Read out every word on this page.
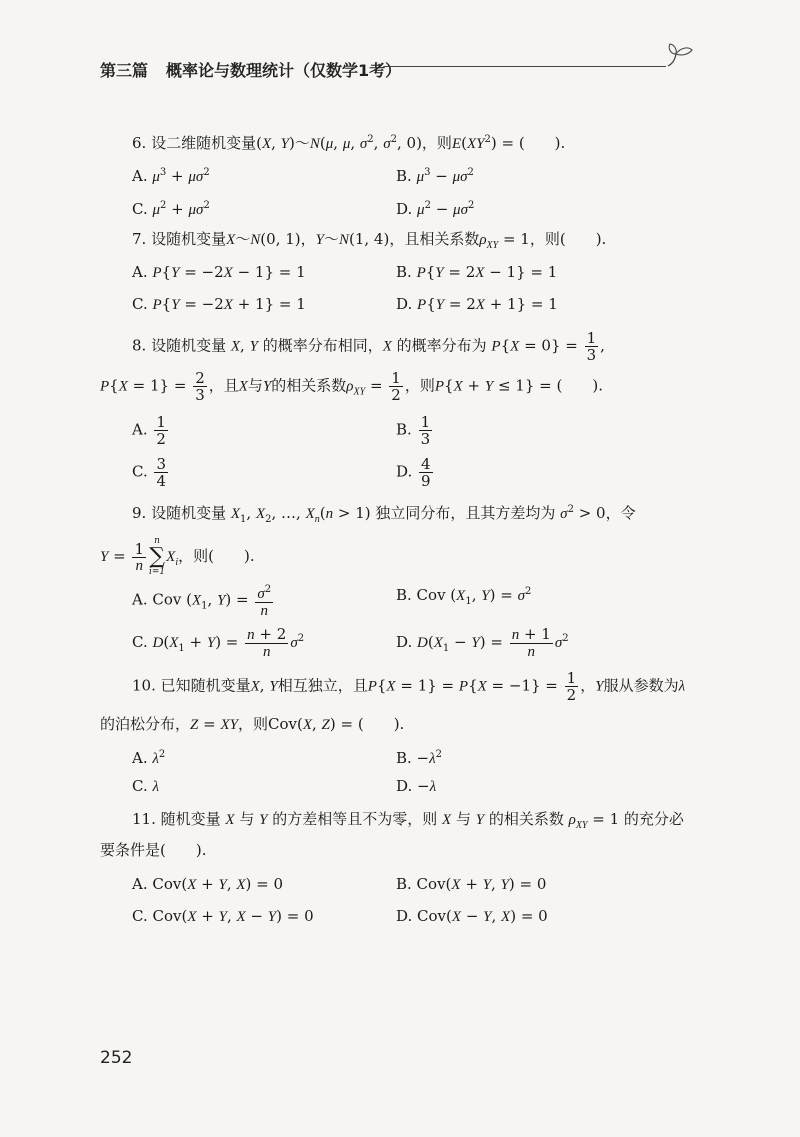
第三篇 概率论与数理统计（仅数学1考）
6. 设二维随机变量(X, Y)～N(μ, μ, $\sigma^2$, $\sigma^2$, 0)，则$E(XY^2)$ = (　　).
A. $\mu^3 + \mu\sigma^2$	B. $\mu^3 - \mu\sigma^2$
C. $\mu^2 + \mu\sigma^2$	D. $\mu^2 - \mu\sigma^2$
7. 设随机变量X～N(0, 1)，Y～N(1, 4)，且相关系数$\rho_{XY} = 1$，则(　　).
A. P{Y = −2X − 1} = 1	B. P{Y = 2X − 1} = 1
C. P{Y = −2X + 1} = 1	D. P{Y = 2X + 1} = 1
8. 设随机变量 X, Y 的概率分布相同，X 的概率分布为 $P\{X = 0\} = \frac{1}{3}$ ,
$P\{X = 1\} = \frac{2}{3}$ ，且X与Y的相关系数$\rho_{XY} = \frac{1}{2}$ ，则P{X + Y ≤ 1} = (　　).
A. $\frac{1}{2}$	B. $\frac{1}{3}$
C. $\frac{3}{4}$	D. $\frac{4}{9}$
9. 设随机变量 $X_1$, $X_2$, …, $X_n(n > 1)$ 独立同分布，且其方差均为 $\sigma^2 > 0$，令
$Y = \frac{1}{n}$ n
∑
i=1
$X_i$，则(　　).
A. Cov ($X_1$, $Y) = \frac{\sigma^2}{n}$	B. Cov ($X_1$, $Y) = \sigma^2$
C. $D(X_1 + Y) = \frac{n + 2}{n} \sigma^2$	D. $D(X_1 - Y) = \frac{n + 1}{n} \sigma^2$
10. 已知随机变量X, Y相互独立，且$P\{X = 1\} = P\{X = -1\} = \frac{1}{2}$ ，Y服从参数为λ
的泊松分布，Z = XY，则Cov(X, Z) = (　　).
A. $\lambda^2$	B. $-\lambda^2$
C. λ	D. −λ
11. 随机变量 X 与 Y 的方差相等且不为零，则 X 与 Y 的相关系数 $\rho_{XY} = 1$ 的充分必
要条件是(　　).
A. Cov(X + Y, X) = 0	B. Cov(X + Y, Y) = 0
C. Cov(X + Y, X − Y) = 0	D. Cov(X − Y, X) = 0
252
